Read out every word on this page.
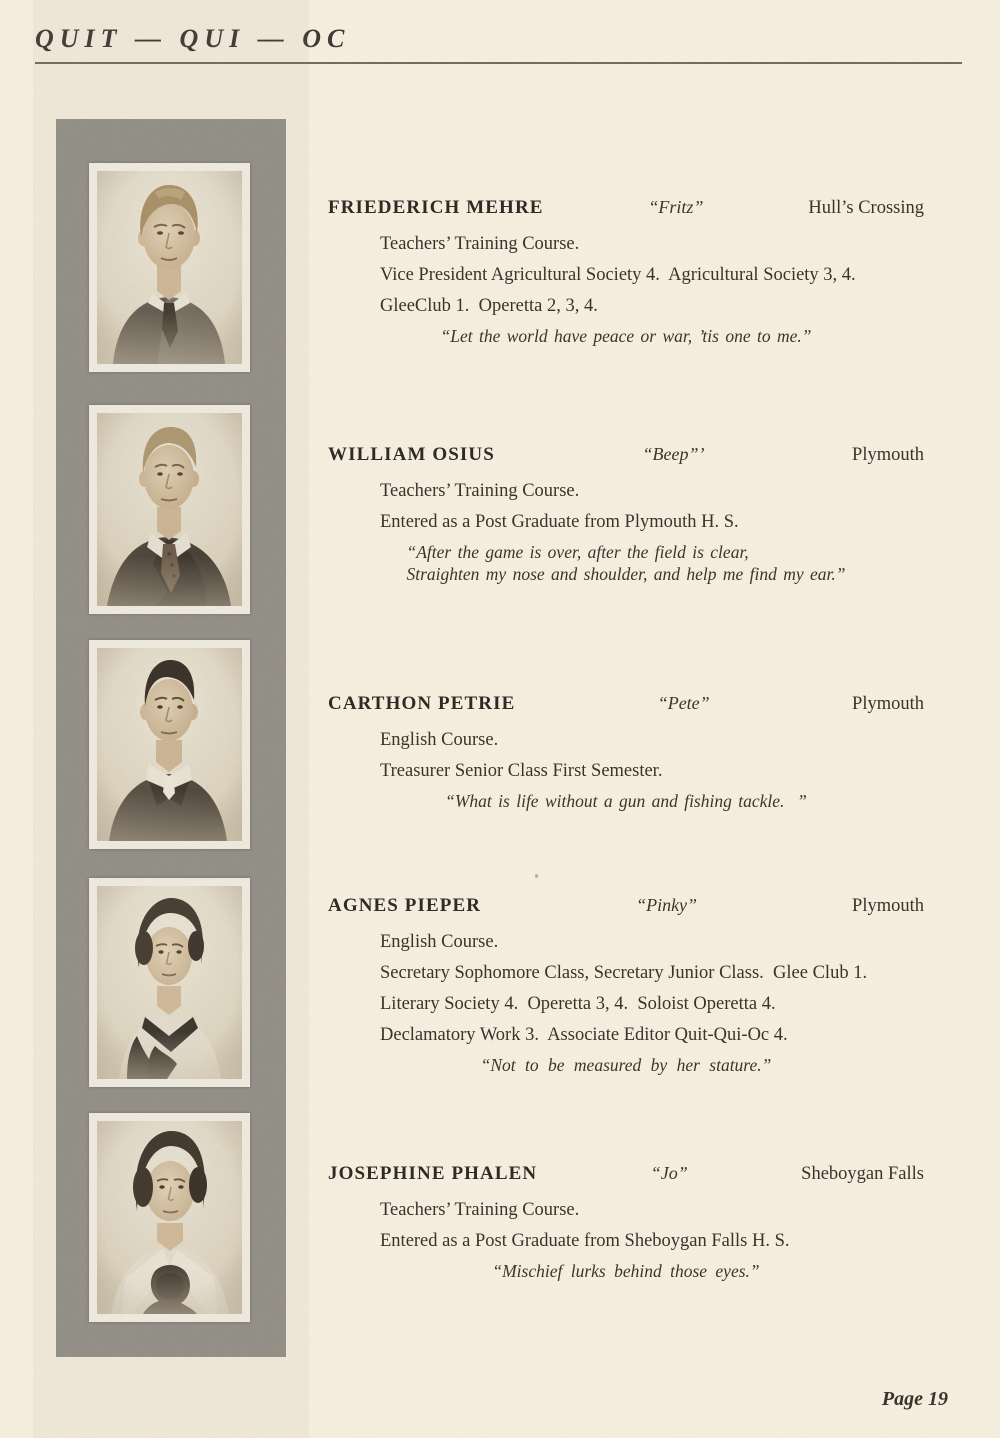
QUIT — QUI — OC
FRIEDERICH MEHRE	“Fritz”	Hull’s Crossing
Teachers’ Training Course.
Vice President Agricultural Society 4.  Agricultural Society 3, 4.
GleeClub 1.  Operetta 2, 3, 4.
“Let the world have peace or war, ’tis one to me.”
WILLIAM OSIUS	“Beep”’	Plymouth
Teachers’ Training Course.
Entered as a Post Graduate from Plymouth H. S.
“After the game is over, after the field is clear,
Straighten my nose and shoulder, and help me find my ear.”
CARTHON PETRIE	“Pete”	Plymouth
English Course.
Treasurer Senior Class First Semester.
“What is life without a gun and fishing tackle.  ”
AGNES PIEPER	“Pinky”	Plymouth
English Course.
Secretary Sophomore Class, Secretary Junior Class.  Glee Club 1.
Literary Society 4.  Operetta 3, 4.  Soloist Operetta 4.
Declamatory Work 3.  Associate Editor Quit-Qui-Oc 4.
“Not to be measured by her stature.”
JOSEPHINE PHALEN	“Jo”	Sheboygan Falls
Teachers’ Training Course.
Entered as a Post Graduate from Sheboygan Falls H. S.
“Mischief lurks behind those eyes.”
Page 19
